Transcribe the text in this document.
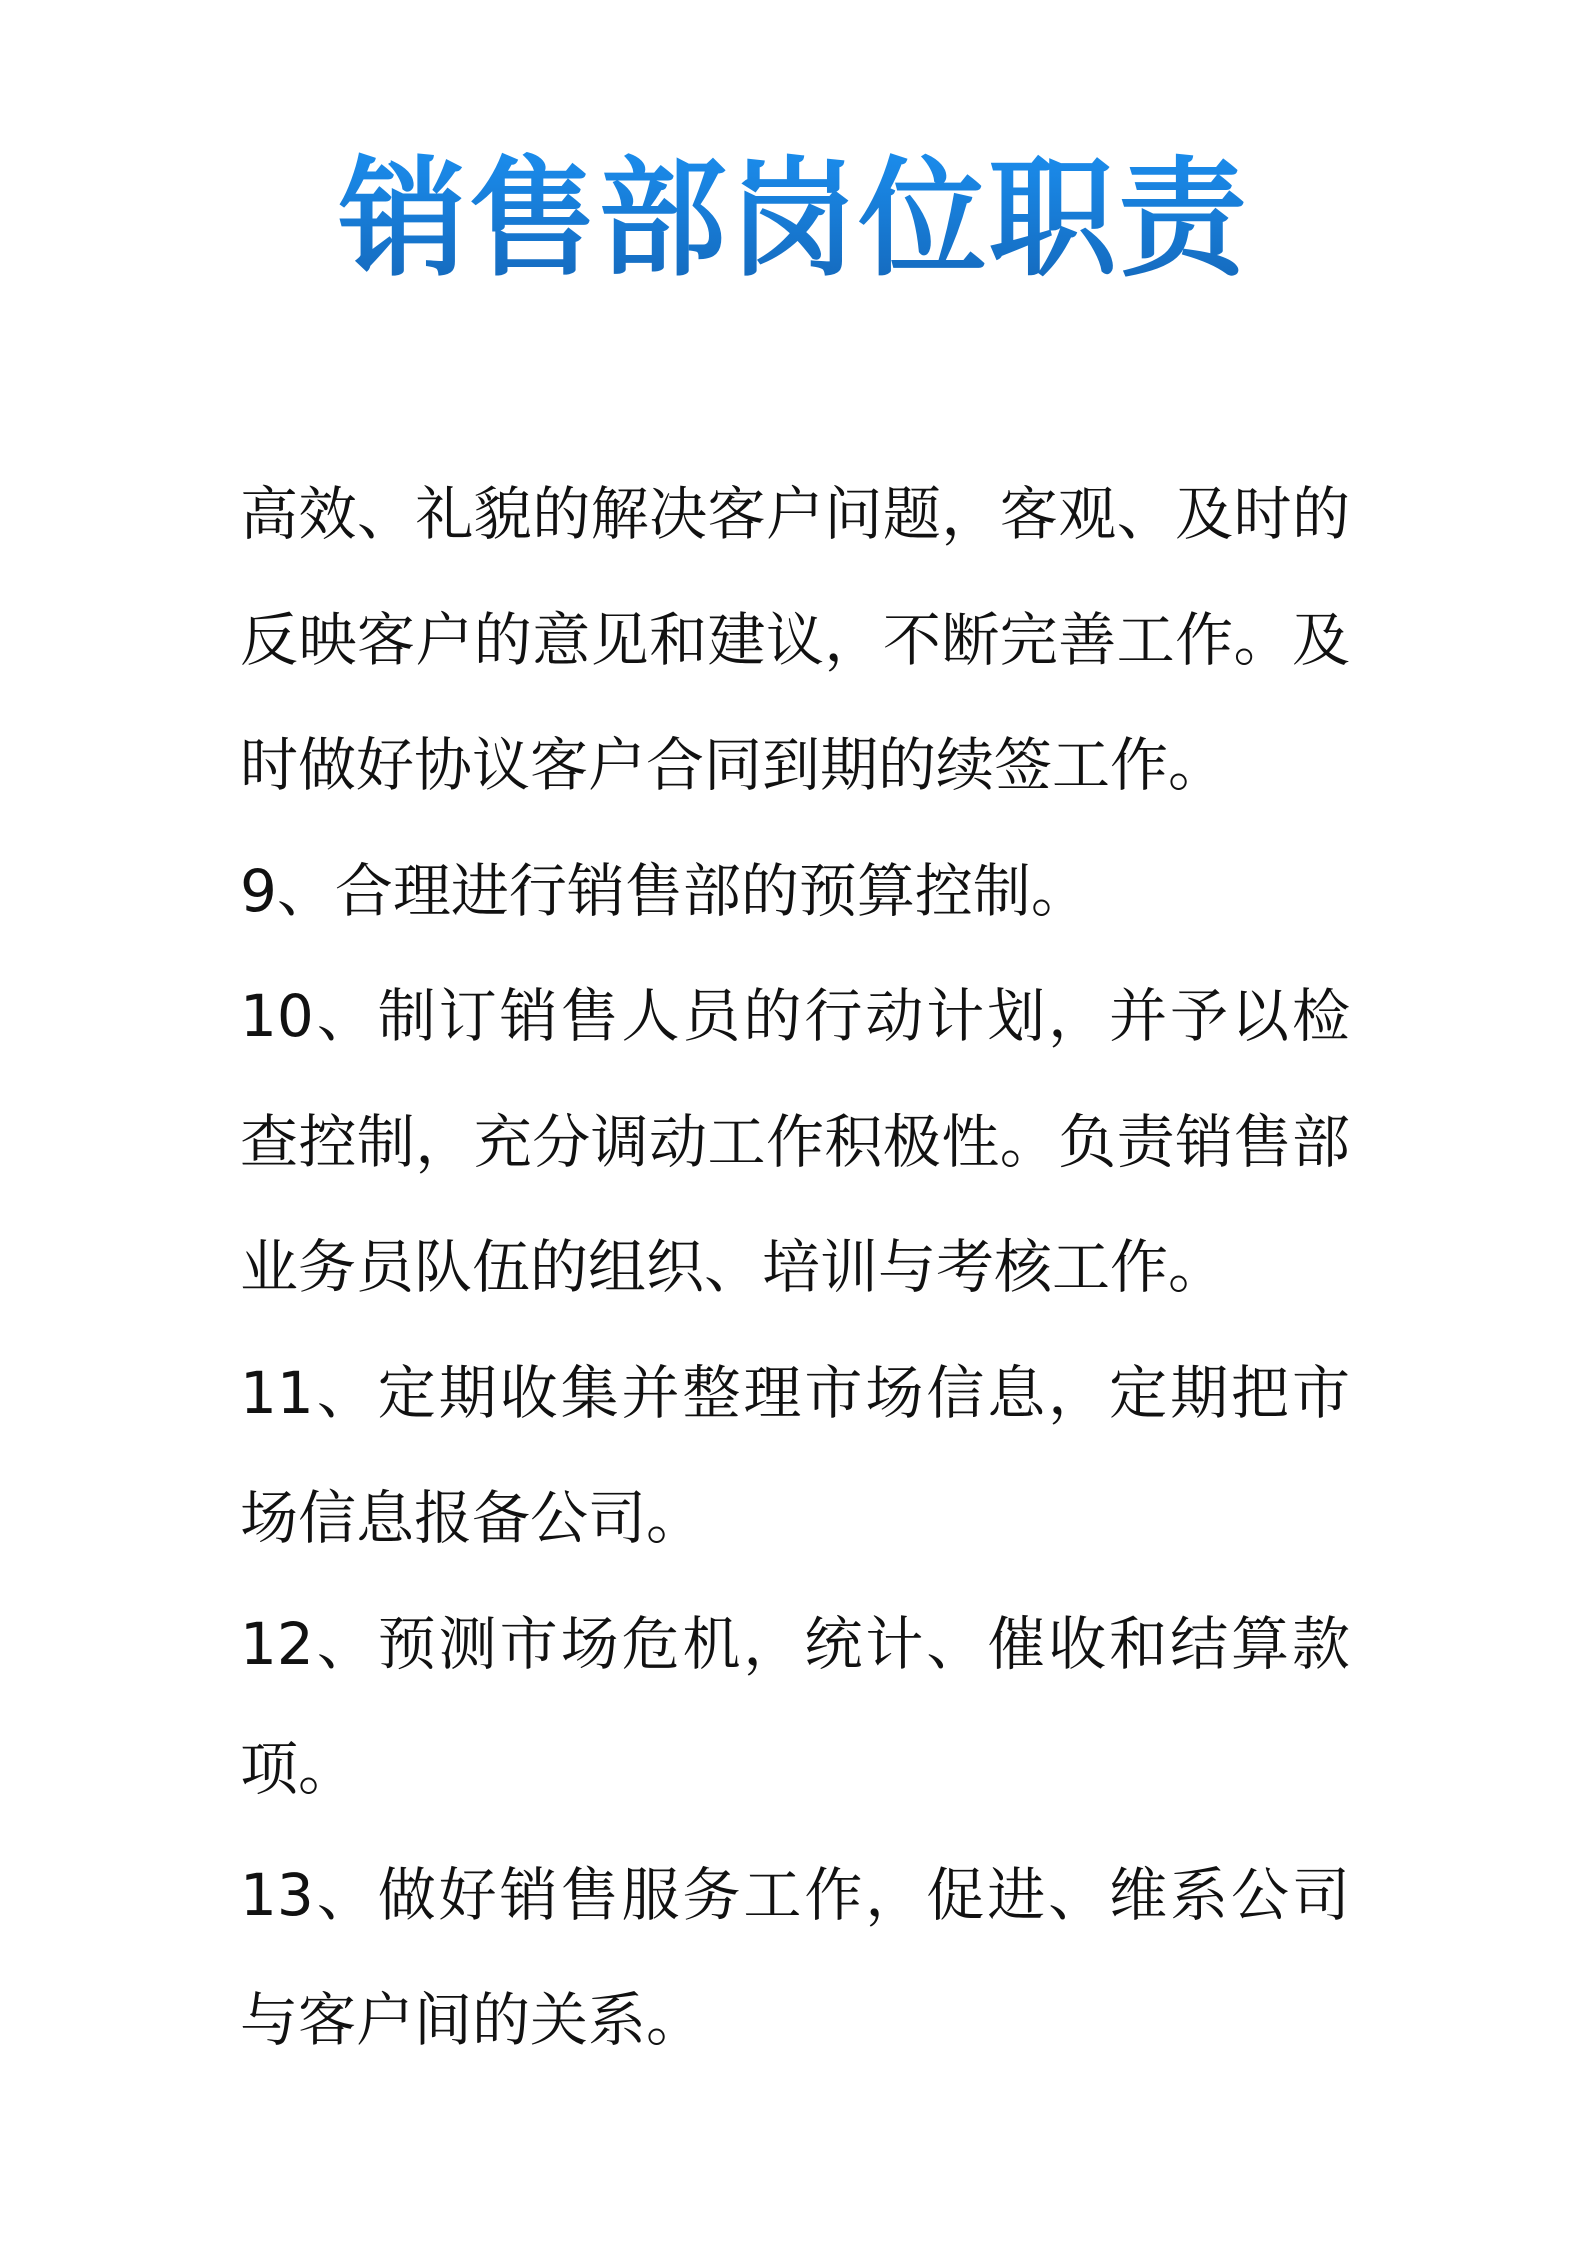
销售部岗位职责

高效、礼貌的解决客户问题，客观、及时的反映客户的意见和建议，不断完善工作。及时做好协议客户合同到期的续签工作。

9、合理进行销售部的预算控制。

10、制订销售人员的行动计划，并予以检查控制，充分调动工作积极性。负责销售部业务员队伍的组织、培训与考核工作。

11、定期收集并整理市场信息，定期把市场信息报备公司。

12、预测市场危机，统计、催收和结算款项。

13、做好销售服务工作，促进、维系公司与客户间的关系。
